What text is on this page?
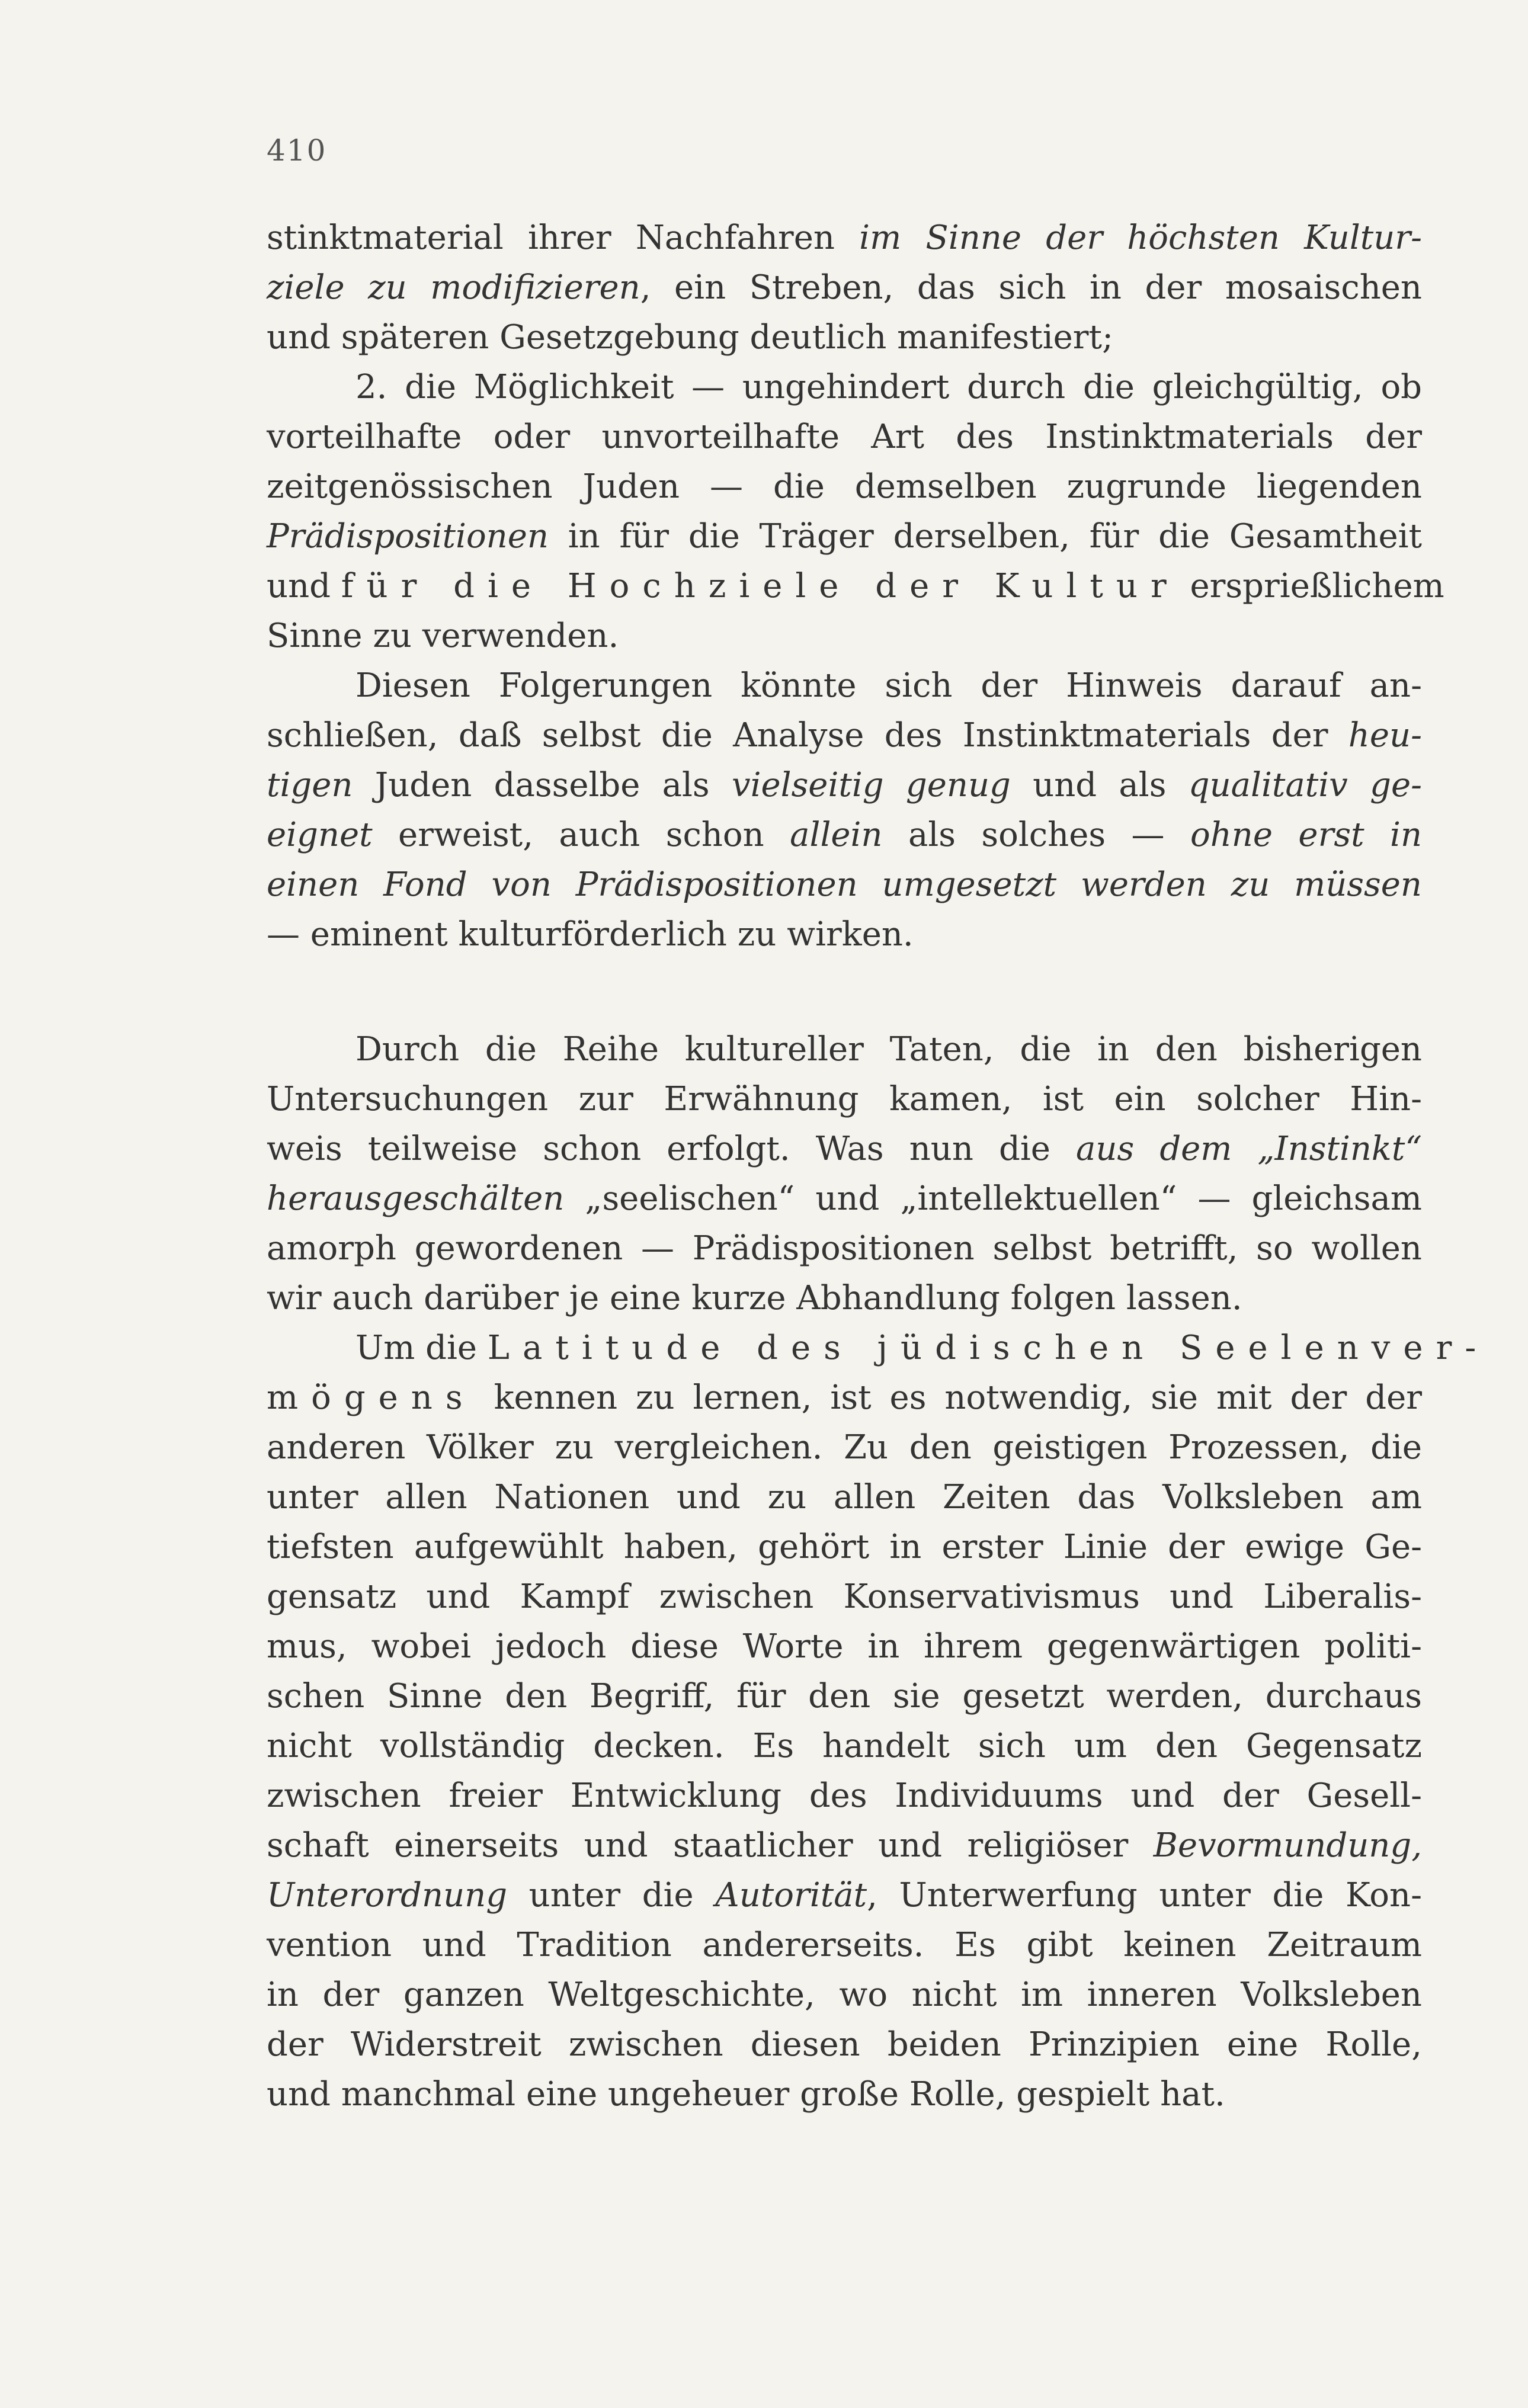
410
stinktmaterial ihrer Nachfahren im Sinne der höchsten Kultur-
ziele zu modifizieren, ein Streben, das sich in der mosaischen
und späteren Gesetzgebung deutlich manifestiert;
2. die Möglichkeit — ungehindert durch die gleichgültig, ob
vorteilhafte oder unvorteilhafte Art des Instinktmaterials der
zeitgenössischen Juden — die demselben zugrunde liegenden
Prädispositionen in für die Träger derselben, für die Gesamtheit
und für die Hochziele der Kultur ersprießlichem
Sinne zu verwenden.
Diesen Folgerungen könnte sich der Hinweis darauf an-
schließen, daß selbst die Analyse des Instinktmaterials der heu-
tigen Juden dasselbe als vielseitig genug und als qualitativ ge-
eignet erweist, auch schon allein als solches — ohne erst in
einen Fond von Prädispositionen umgesetzt werden zu müssen
— eminent kulturförderlich zu wirken.
Durch die Reihe kultureller Taten, die in den bisherigen
Untersuchungen zur Erwähnung kamen, ist ein solcher Hin-
weis teilweise schon erfolgt. Was nun die aus dem „Instinkt“
herausgeschälten „seelischen“ und „intellektuellen“ — gleichsam
amorph gewordenen — Prädispositionen selbst betrifft, so wollen
wir auch darüber je eine kurze Abhandlung folgen lassen.
Um die Latitude des jüdischen Seelenver-
mögens kennen zu lernen, ist es notwendig, sie mit der der
anderen Völker zu vergleichen. Zu den geistigen Prozessen, die
unter allen Nationen und zu allen Zeiten das Volksleben am
tiefsten aufgewühlt haben, gehört in erster Linie der ewige Ge-
gensatz und Kampf zwischen Konservativismus und Liberalis-
mus, wobei jedoch diese Worte in ihrem gegenwärtigen politi-
schen Sinne den Begriff, für den sie gesetzt werden, durchaus
nicht vollständig decken. Es handelt sich um den Gegensatz
zwischen freier Entwicklung des Individuums und der Gesell-
schaft einerseits und staatlicher und religiöser Bevormundung,
Unterordnung unter die Autorität, Unterwerfung unter die Kon-
vention und Tradition andererseits. Es gibt keinen Zeitraum
in der ganzen Weltgeschichte, wo nicht im inneren Volksleben
der Widerstreit zwischen diesen beiden Prinzipien eine Rolle,
und manchmal eine ungeheuer große Rolle, gespielt hat.
